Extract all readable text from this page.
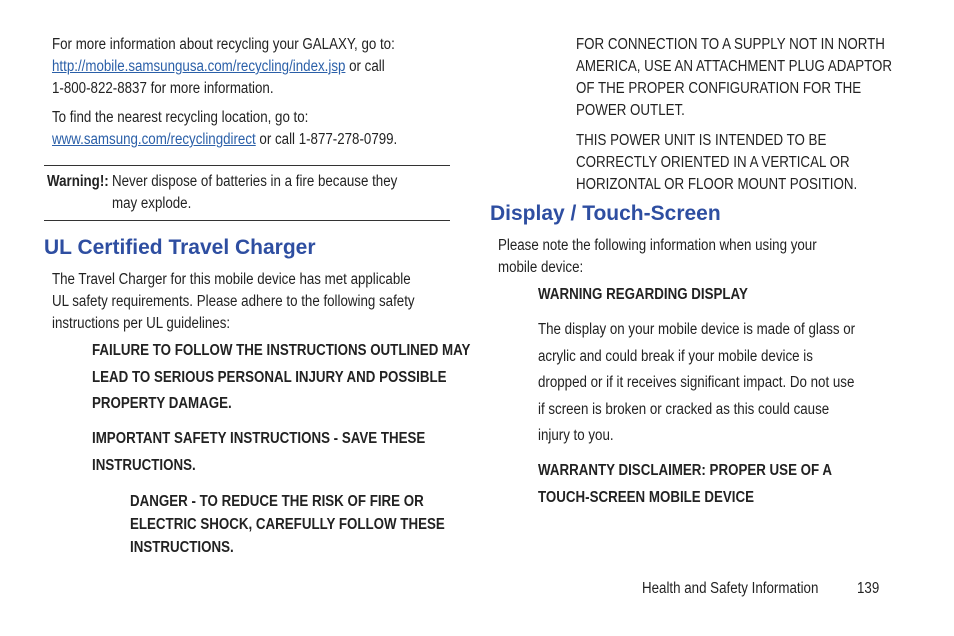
For more information about recycling your GALAXY, go to:
http://mobile.samsungusa.com/recycling/index.jsp or call
1-800-822-8837 for more information.
To find the nearest recycling location, go to:
www.samsung.com/recyclingdirect or call 1-877-278-0799.
Warning!: Never dispose of batteries in a fire because they
may explode.
UL Certified Travel Charger
The Travel Charger for this mobile device has met applicable
UL safety requirements. Please adhere to the following safety
instructions per UL guidelines:
FAILURE TO FOLLOW THE INSTRUCTIONS OUTLINED MAY
LEAD TO SERIOUS PERSONAL INJURY AND POSSIBLE
PROPERTY DAMAGE.
IMPORTANT SAFETY INSTRUCTIONS - SAVE THESE
INSTRUCTIONS.
DANGER - TO REDUCE THE RISK OF FIRE OR
ELECTRIC SHOCK, CAREFULLY FOLLOW THESE
INSTRUCTIONS.
FOR CONNECTION TO A SUPPLY NOT IN NORTH
AMERICA, USE AN ATTACHMENT PLUG ADAPTOR
OF THE PROPER CONFIGURATION FOR THE
POWER OUTLET.
THIS POWER UNIT IS INTENDED TO BE
CORRECTLY ORIENTED IN A VERTICAL OR
HORIZONTAL OR FLOOR MOUNT POSITION.
Display / Touch-Screen
Please note the following information when using your
mobile device:
WARNING REGARDING DISPLAY
The display on your mobile device is made of glass or
acrylic and could break if your mobile device is
dropped or if it receives significant impact. Do not use
if screen is broken or cracked as this could cause
injury to you.
WARRANTY DISCLAIMER: PROPER USE OF A
TOUCH-SCREEN MOBILE DEVICE
Health and Safety Information 139
